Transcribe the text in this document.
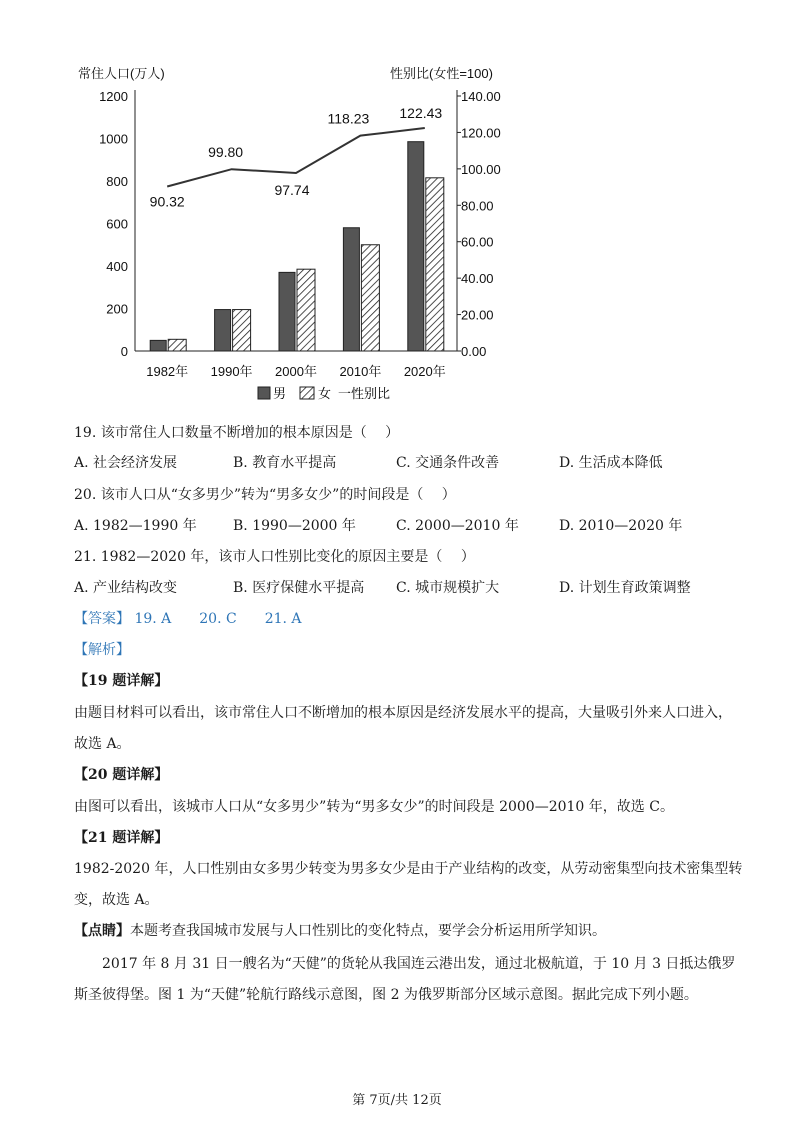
常住人口(万人)	性别比(女性=100)
1200
1000
800
600
400
200
0
140.00
120.00
100.00
80.00
60.00
40.00
20.00
0.00
90.32
99.80
97.74
118.23 122.43
1982年 1990年 2000年 2010年 2020年
男 女 一性别比
19. 该市常住人口数量不断增加的根本原因是（　 ）
A. 社会经济发展	B. 教育水平提高	C. 交通条件改善	D. 生活成本降低
20. 该市人口从“女多男少”转为“男多女少”的时间段是（　 ）
A. 1982—1990 年	B. 1990—2000 年	C. 2000—2010 年	D. 2010—2020 年
21. 1982—2020 年，该市人口性别比变化的原因主要是（　 ）
A. 产业结构改变	B. 医疗保健水平提高 C. 城市规模扩大	D. 计划生育政策调整
【答案】 19. A　　20. C　　21. A
【解析】
【19 题详解】
由题目材料可以看出，该市常住人口不断增加的根本原因是经济发展水平的提高，大量吸引外来人口进入，
故选 A。
【20 题详解】
由图可以看出，该城市人口从“女多男少”转为“男多女少”的时间段是 2000—2010 年，故选 C。
【21 题详解】
1982-2020 年，人口性别由女多男少转变为男多女少是由于产业结构的改变，从劳动密集型向技术密集型转
变，故选 A。
【点睛】本题考查我国城市发展与人口性别比的变化特点，要学会分析运用所学知识。
2017 年 8 月 31 日一艘名为“天健”的货轮从我国连云港出发，通过北极航道，于 10 月 3 日抵达俄罗
斯圣彼得堡。图 1 为“天健”轮航行路线示意图，图 2 为俄罗斯部分区域示意图。据此完成下列小题。
第 7页/共 12页
